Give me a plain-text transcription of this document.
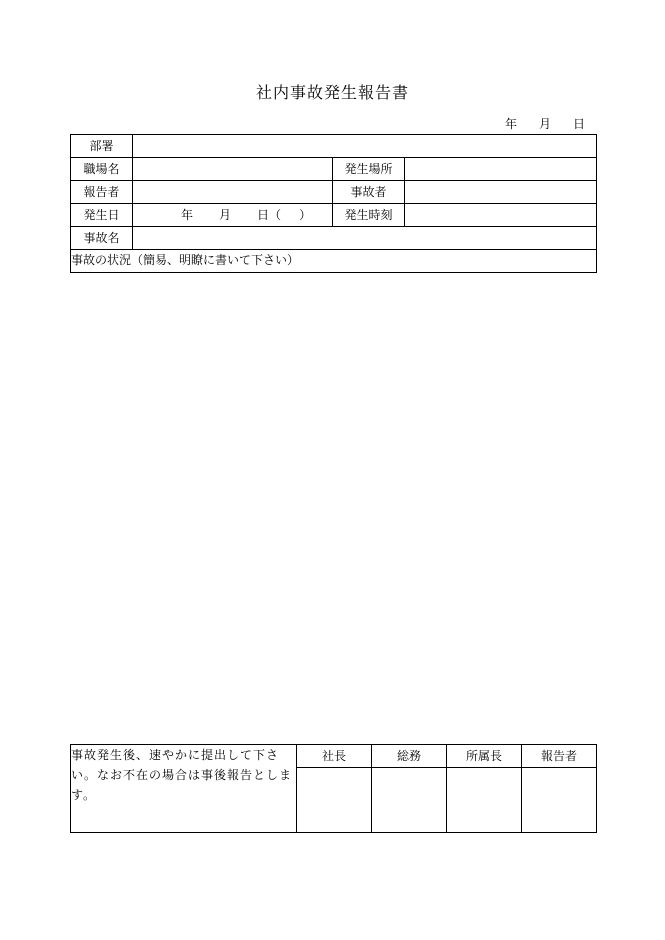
社内事故発生報告書
年 月 日
部署			
職場名		発生場所	
報告者		事故者	
発生日	年 月 日（ ）	発生時刻	
事故名			
事故の状況（簡易、明瞭に書いて下さい）			
事故発生後、速やかに提出して下さい。なお不在の場合は事後報告とします。	社長	総務	所属長	報告者
